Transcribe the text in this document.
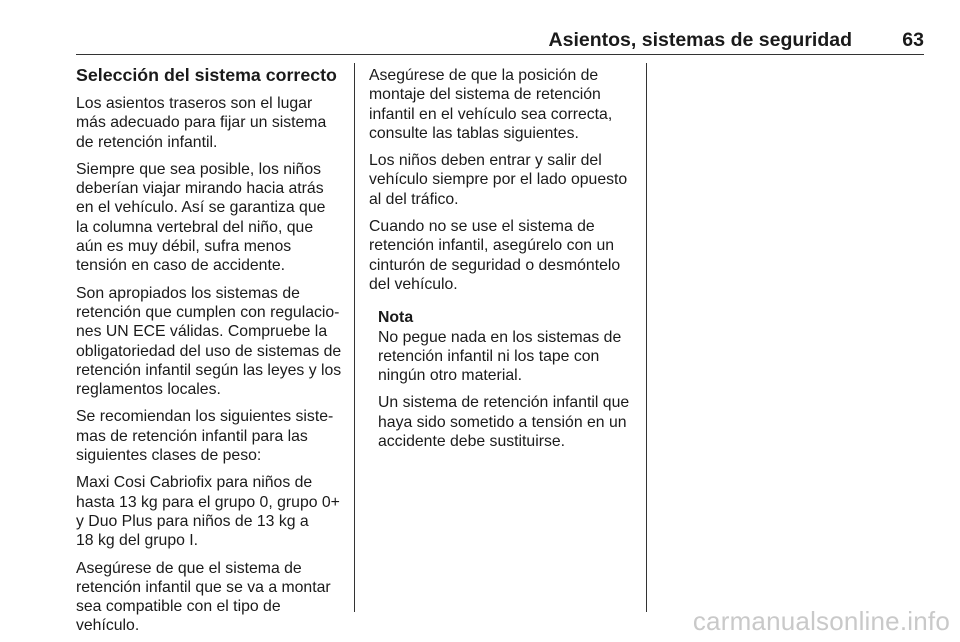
Asientos, sistemas de seguridad	63
Selección del sistema correcto

Los asientos traseros son el lugar
más adecuado para fijar un sistema
de retención infantil.

Siempre que sea posible, los niños
deberían viajar mirando hacia atrás
en el vehículo. Así se garantiza que
la columna vertebral del niño, que
aún es muy débil, sufra menos
tensión en caso de accidente.

Son apropiados los sistemas de
retención que cumplen con regulacio-
nes UN ECE válidas. Compruebe la
obligatoriedad del uso de sistemas de
retención infantil según las leyes y los
reglamentos locales.

Se recomiendan los siguientes siste-
mas de retención infantil para las
siguientes clases de peso:

Maxi Cosi Cabriofix para niños de
hasta 13 kg para el grupo 0, grupo 0+
y Duo Plus para niños de 13 kg a
18 kg del grupo I.

Asegúrese de que el sistema de
retención infantil que se va a montar
sea compatible con el tipo de
vehículo.

Asegúrese de que la posición de
montaje del sistema de retención
infantil en el vehículo sea correcta,
consulte las tablas siguientes.

Los niños deben entrar y salir del
vehículo siempre por el lado opuesto
al del tráfico.

Cuando no se use el sistema de
retención infantil, asegúrelo con un
cinturón de seguridad o desmóntelo
del vehículo.

Nota

No pegue nada en los sistemas de
retención infantil ni los tape con
ningún otro material.

Un sistema de retención infantil que
haya sido sometido a tensión en un
accidente debe sustituirse.

carmanualsonline.info
